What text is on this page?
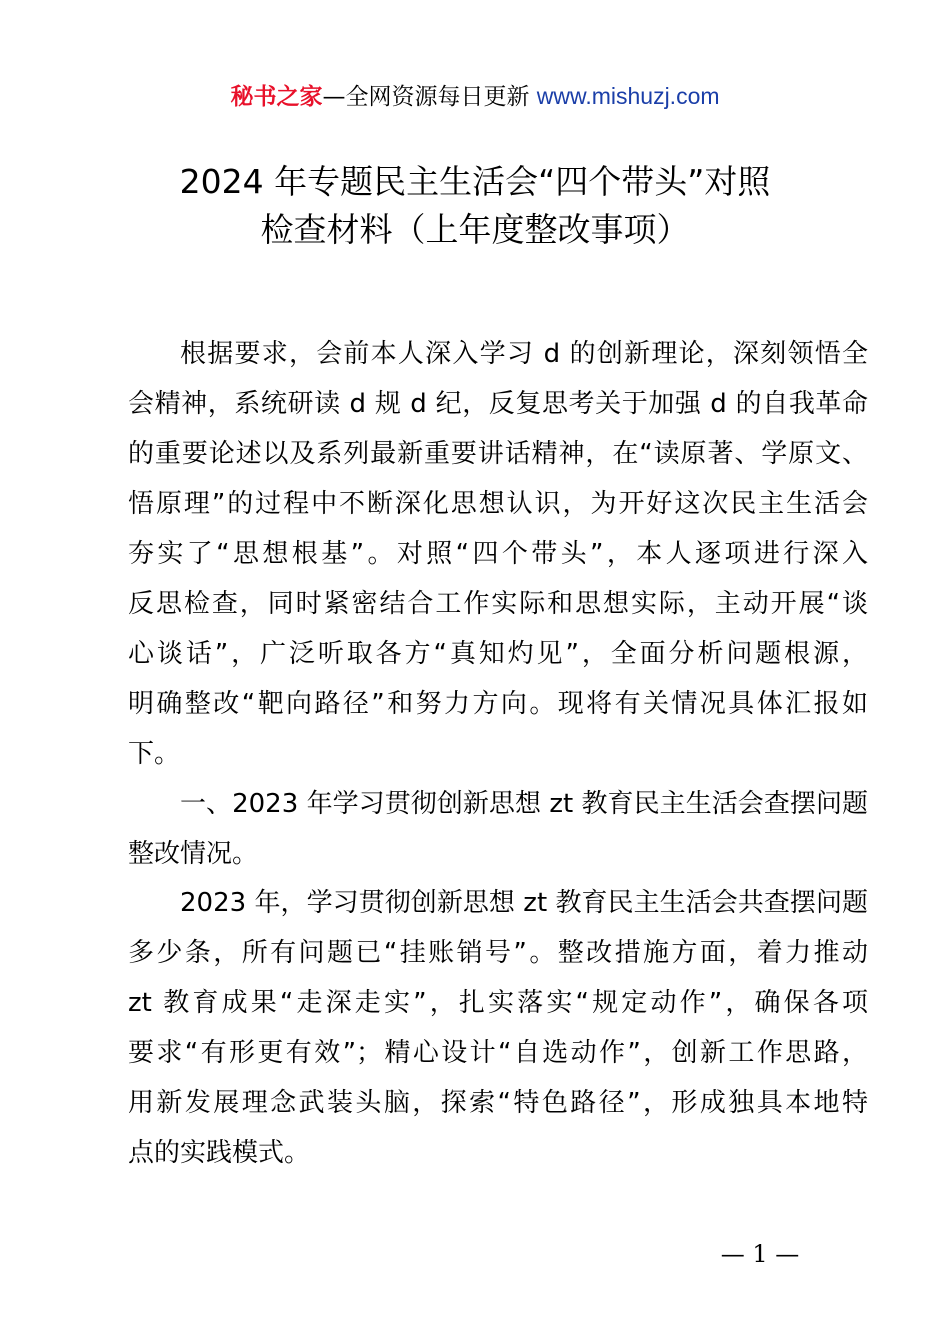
秘书之家—全网资源每日更新 www.mishuzj.com
2024 年专题民主生活会“四个带头”对照
检查材料（上年度整改事项）
根据要求，会前本人深入学习 d 的创新理论，深刻领悟全
会精神，系统研读 d 规 d 纪，反复思考关于加强 d 的自我革命
的重要论述以及系列最新重要讲话精神，在“读原著、学原文、
悟原理”的过程中不断深化思想认识，为开好这次民主生活会
夯实了“思想根基”。对照“四个带头”，本人逐项进行深入
反思检查，同时紧密结合工作实际和思想实际，主动开展“谈
心谈话”，广泛听取各方“真知灼见”，全面分析问题根源，
明确整改“靶向路径”和努力方向。现将有关情况具体汇报如
下。
一、2023 年学习贯彻创新思想 zt 教育民主生活会查摆问题
整改情况。
2023 年，学习贯彻创新思想 zt 教育民主生活会共查摆问题
多少条，所有问题已“挂账销号”。整改措施方面，着力推动
zt 教育成果“走深走实”，扎实落实“规定动作”，确保各项
要求“有形更有效”；精心设计“自选动作”，创新工作思路，
用新发展理念武装头脑，探索“特色路径”，形成独具本地特
点的实践模式。
— 1 —
